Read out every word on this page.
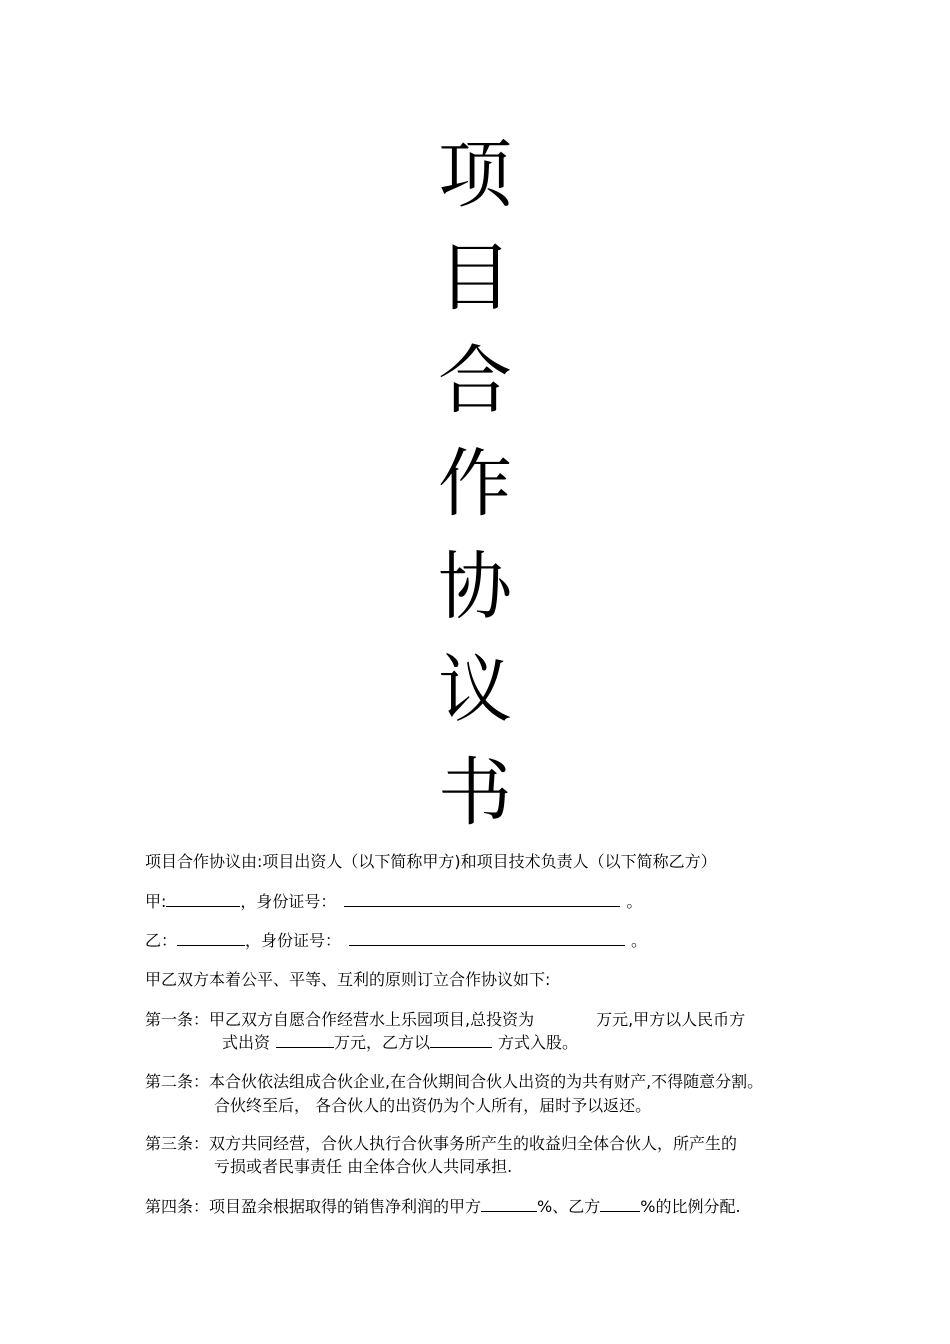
项
目
合
作
协
议
书
项目合作协议由:项目出资人（以下简称甲方)和项目技术负责人（以下简称乙方）
甲:	，身份证号：	。
乙：	，身份证号：	。
甲乙双方本着公平、平等、互利的原则订立合作协议如下:
第一条：甲乙双方自愿合作经营水上乐园项目,总投资为	万元,甲方以人民币方
式出资	万元，乙方以	方式入股。
第二条：本合伙依法组成合伙企业,在合伙期间合伙人出资的为共有财产,不得随意分割。
合伙终至后， 各合伙人的出资仍为个人所有，届时予以返还。
第三条：双方共同经营，合伙人执行合伙事务所产生的收益归全体合伙人，所产生的
亏损或者民事责任 由全体合伙人共同承担.
第四条：项目盈余根据取得的销售净利润的甲方	%、乙方	%的比例分配.
